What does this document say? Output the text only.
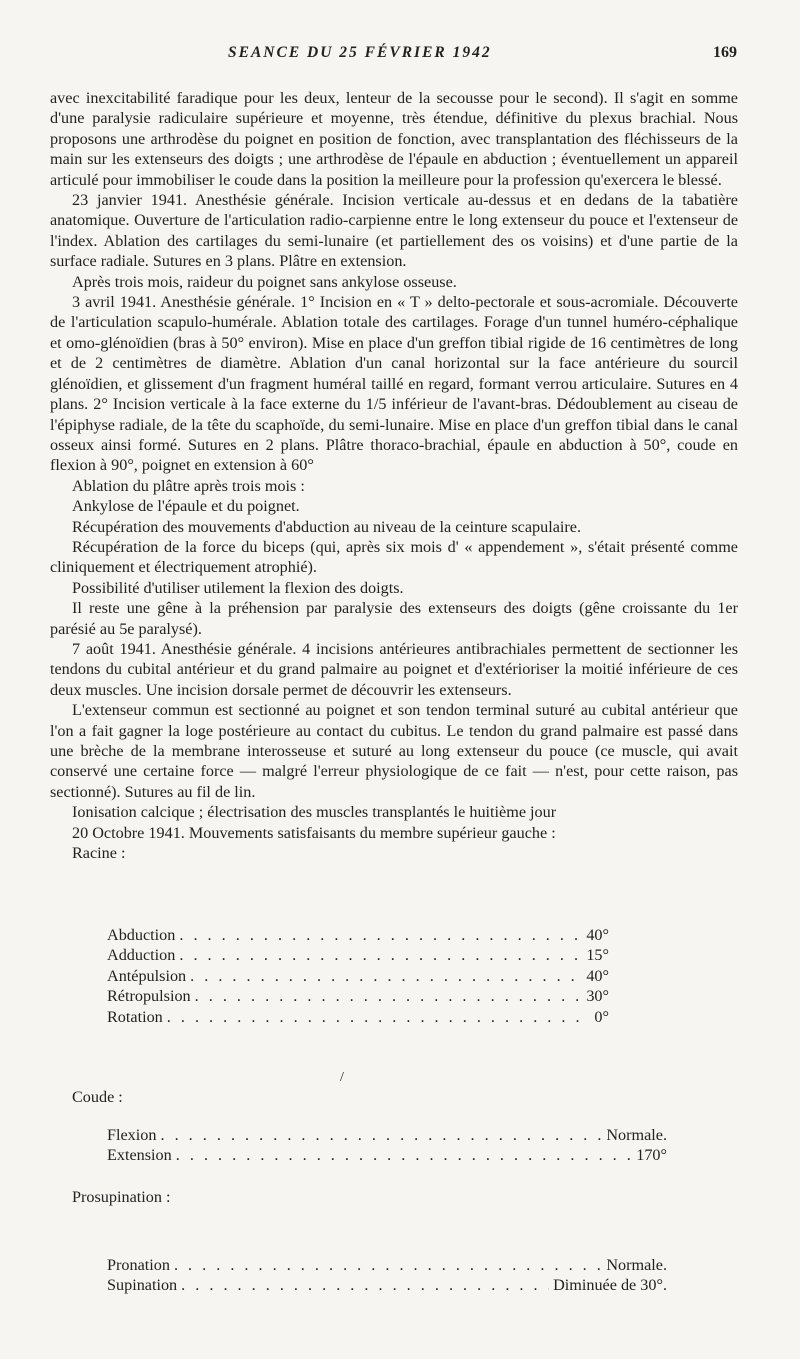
SEANCE DU 25 FÉVRIER 1942	169

avec inexcitabilité faradique pour les deux, lenteur de la secousse pour le second). Il s'agit en somme d'une paralysie radiculaire supérieure et moyenne, très étendue, définitive du plexus brachial. Nous proposons une arthrodèse du poignet en position de fonction, avec transplantation des fléchisseurs de la main sur les extenseurs des doigts ; une arthrodèse de l'épaule en abduction ; éventuellement un appareil articulé pour immobiliser le coude dans la position la meilleure pour la profession qu'exercera le blessé.

23 janvier 1941. Anesthésie générale. Incision verticale au-dessus et en dedans de la tabatière anatomique. Ouverture de l'articulation radio-carpienne entre le long extenseur du pouce et l'extenseur de l'index. Ablation des cartilages du semi-lunaire (et partiellement des os voisins) et d'une partie de la surface radiale. Sutures en 3 plans. Plâtre en extension.

Après trois mois, raideur du poignet sans ankylose osseuse.

3 avril 1941. Anesthésie générale. 1° Incision en « T » delto-pectorale et sous-acromiale. Découverte de l'articulation scapulo-humérale. Ablation totale des cartilages. Forage d'un tunnel huméro-céphalique et omo-glénoïdien (bras à 50° environ). Mise en place d'un greffon tibial rigide de 16 centimètres de long et de 2 centimètres de diamètre. Ablation d'un canal horizontal sur la face antérieure du sourcil glénoïdien, et glissement d'un fragment huméral taillé en regard, formant verrou articulaire. Sutures en 4 plans. 2° Incision verticale à la face externe du 1/5 inférieur de l'avant-bras. Dédoublement au ciseau de l'épiphyse radiale, de la tête du scaphoïde, du semi-lunaire. Mise en place d'un greffon tibial dans le canal osseux ainsi formé. Sutures en 2 plans. Plâtre thoraco-brachial, épaule en abduction à 50°, coude en flexion à 90°, poignet en extension à 60°

Ablation du plâtre après trois mois :

Ankylose de l'épaule et du poignet.

Récupération des mouvements d'abduction au niveau de la ceinture scapulaire.

Récupération de la force du biceps (qui, après six mois d' « appendement », s'était présenté comme cliniquement et électriquement atrophié).

Possibilité d'utiliser utilement la flexion des doigts.

Il reste une gêne à la préhension par paralysie des extenseurs des doigts (gêne croissante du 1er parésié au 5e paralysé).

7 août 1941. Anesthésie générale. 4 incisions antérieures antibrachiales permettent de sectionner les tendons du cubital antérieur et du grand palmaire au poignet et d'extérioriser la moitié inférieure de ces deux muscles. Une incision dorsale permet de découvrir les extenseurs.

L'extenseur commun est sectionné au poignet et son tendon terminal suturé au cubital antérieur que l'on a fait gagner la loge postérieure au contact du cubitus. Le tendon du grand palmaire est passé dans une brèche de la membrane interosseuse et suturé au long extenseur du pouce (ce muscle, qui avait conservé une certaine force — malgré l'erreur physiologique de ce fait — n'est, pour cette raison, pas sectionné). Sutures au fil de lin.

Ionisation calcique ; électrisation des muscles transplantés le huitième jour

20 Octobre 1941. Mouvements satisfaisants du membre supérieur gauche :

Racine :

Abduction . . .	40°
Adduction . . .	15°
Antépulsion . . .	40°
Rétropulsion . . .	30°
Rotation . . .	0°
/
Coude :
Flexion . . .	Normale.
Extension . . .	170°
Prosupination :
Pronation . . .	Normale.
Supination . . .	Diminuée de 30°.
